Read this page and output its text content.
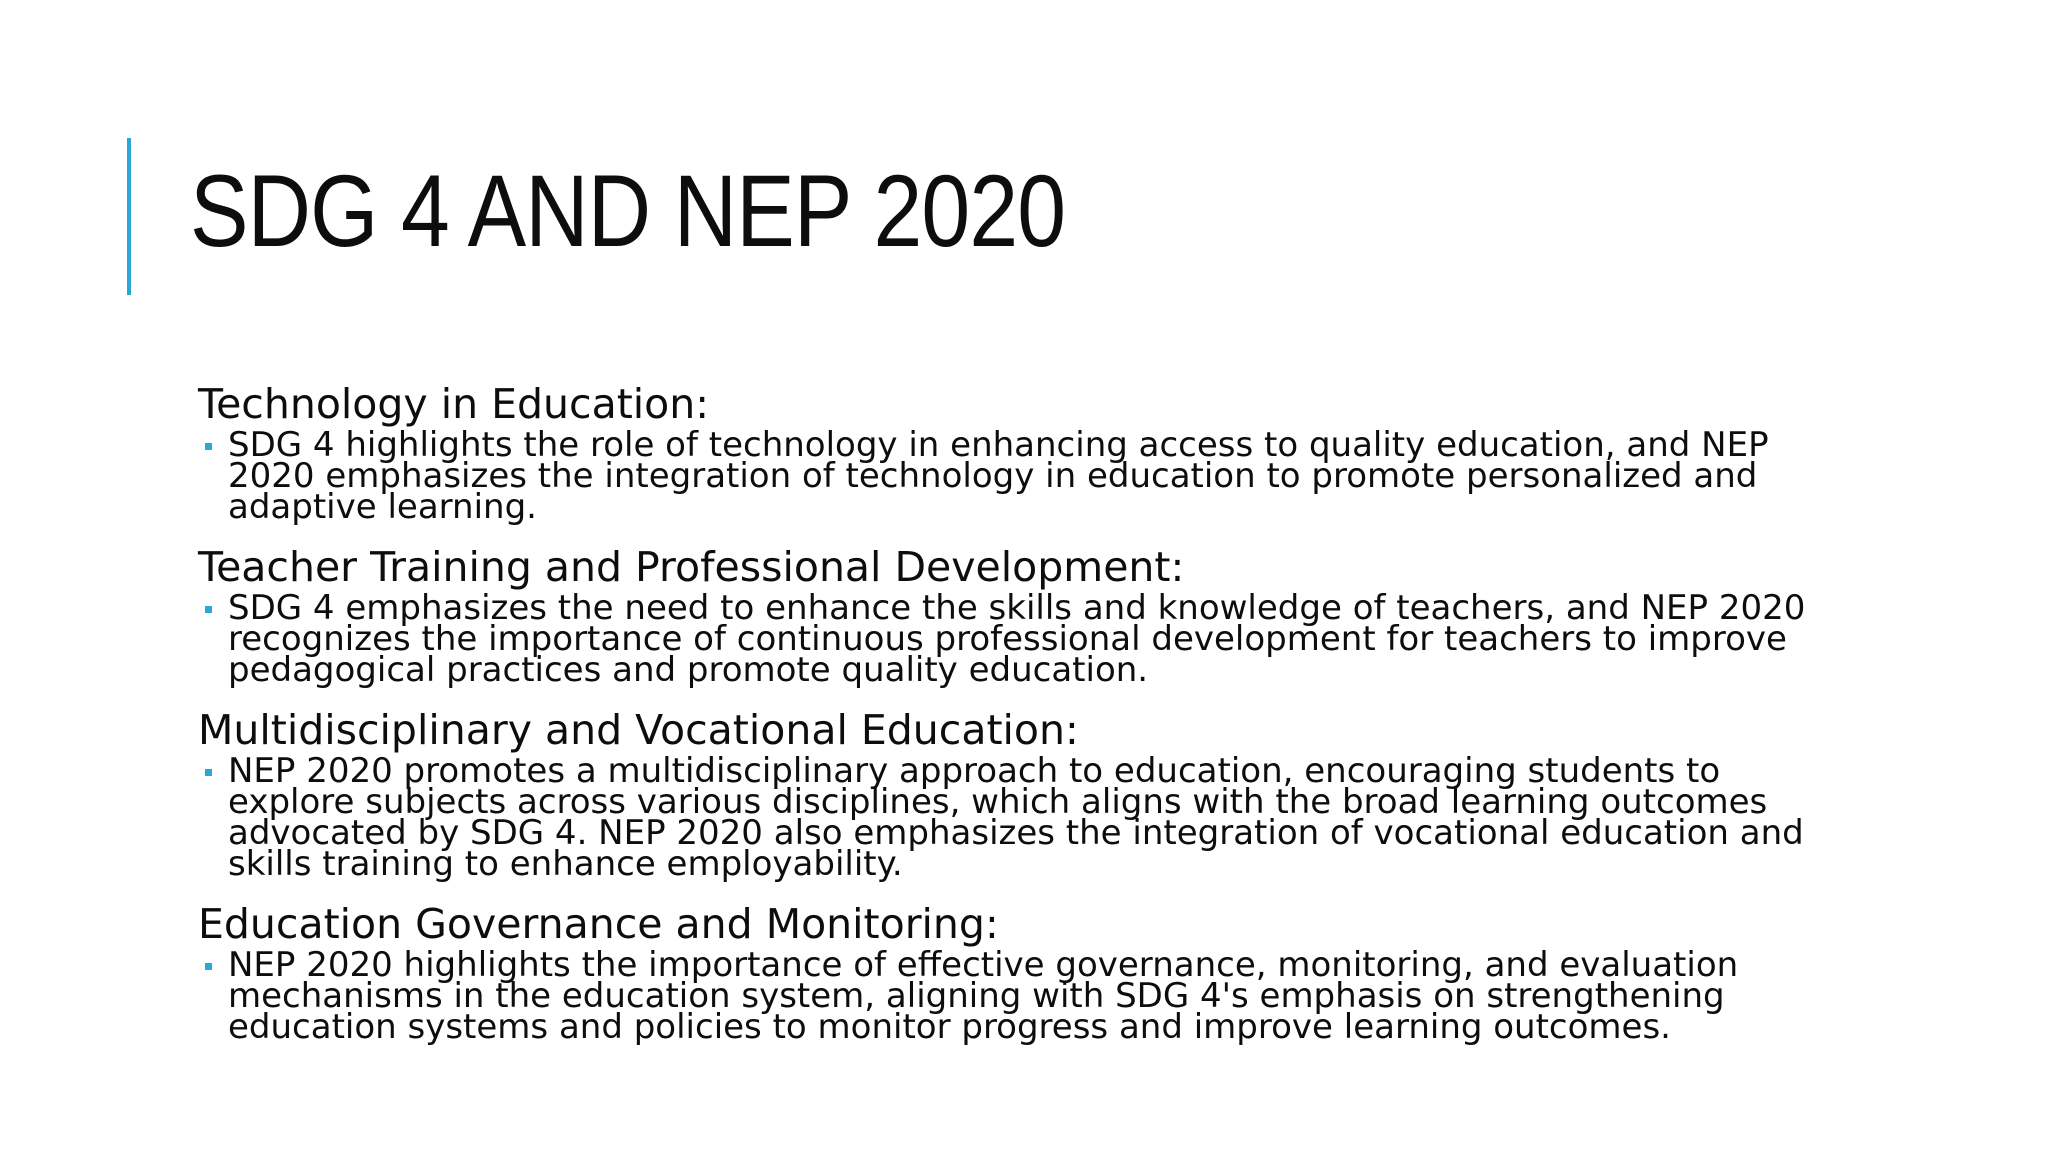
SDG 4 AND NEP 2020

Technology in Education:

SDG 4 highlights the role of technology in enhancing access to quality education, and NEP 2020 emphasizes the integration of technology in education to promote personalized and adaptive learning.

Teacher Training and Professional Development:

SDG 4 emphasizes the need to enhance the skills and knowledge of teachers, and NEP 2020 recognizes the importance of continuous professional development for teachers to improve pedagogical practices and promote quality education.

Multidisciplinary and Vocational Education:

NEP 2020 promotes a multidisciplinary approach to education, encouraging students to explore subjects across various disciplines, which aligns with the broad learning outcomes advocated by SDG 4. NEP 2020 also emphasizes the integration of vocational education and skills training to enhance employability.

Education Governance and Monitoring:

NEP 2020 highlights the importance of effective governance, monitoring, and evaluation mechanisms in the education system, aligning with SDG 4's emphasis on strengthening education systems and policies to monitor progress and improve learning outcomes.
